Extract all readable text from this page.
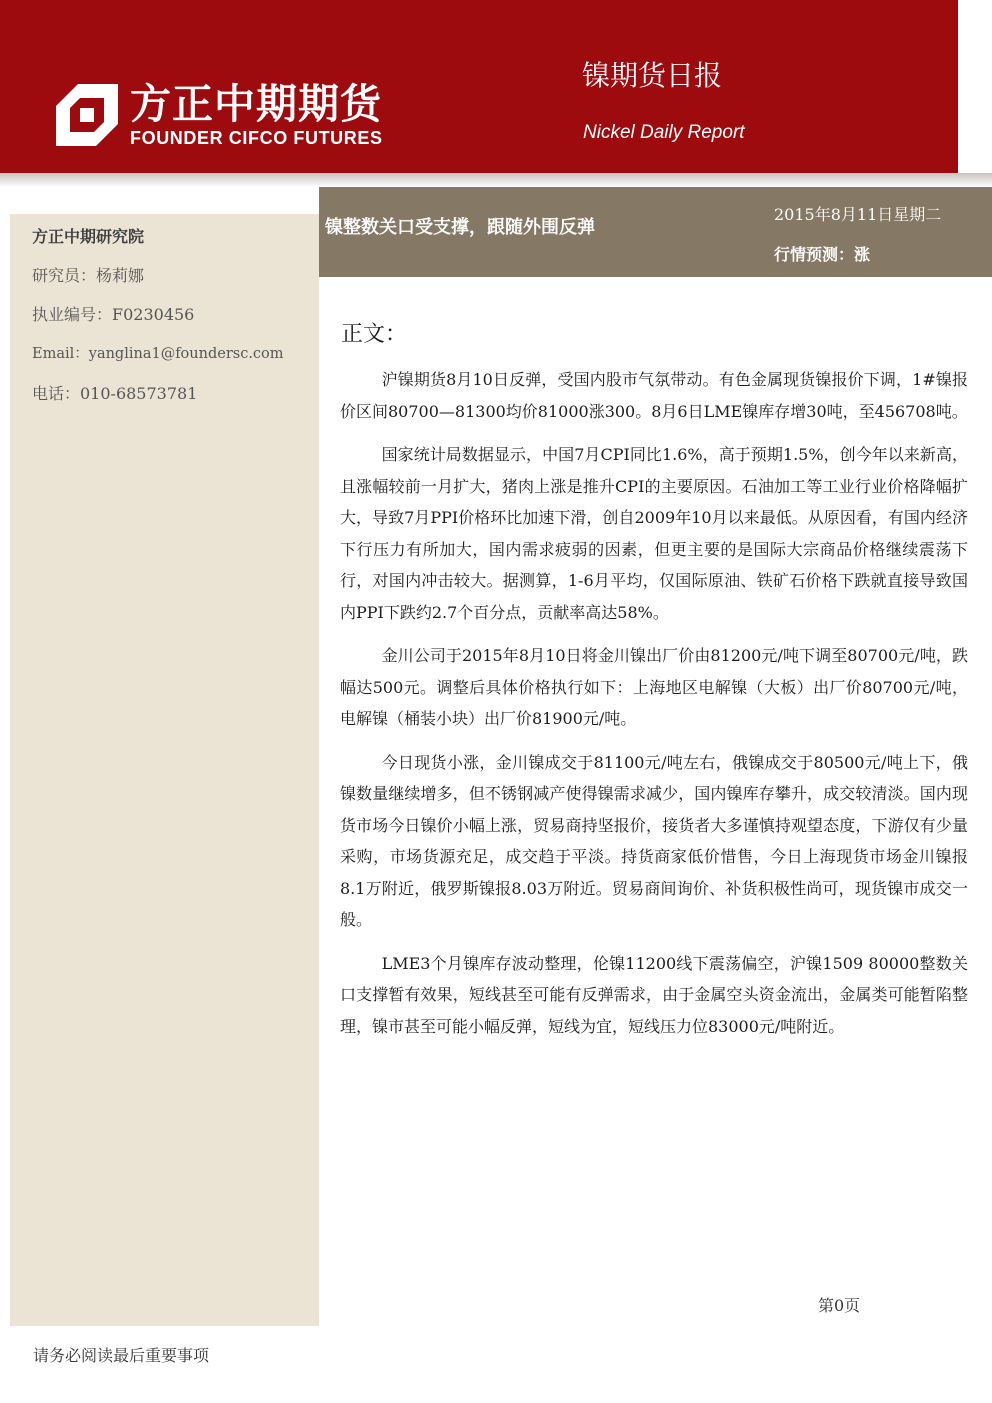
方正中期期货
FOUNDER CIFCO FUTURES
镍期货日报
Nickel Daily Report
方正中期研究院
研究员：杨莉娜
执业编号：F0230456
Email：yanglina1@foundersc.com
电话：010-68573781
镍整数关口受支撑，跟随外围反弹
2015年8月11日星期二
行情预测：涨
正文：

沪镍期货8月10日反弹，受国内股市气氛带动。有色金属现货镍报价下调，1#镍报价区间80700—81300均价81000涨300。8月6日LME镍库存增30吨，至456708吨。

国家统计局数据显示，中国7月CPI同比1.6%，高于预期1.5%，创今年以来新高，且涨幅较前一月扩大，猪肉上涨是推升CPI的主要原因。石油加工等工业行业价格降幅扩大，导致7月PPI价格环比加速下滑，创自2009年10月以来最低。从原因看，有国内经济下行压力有所加大，国内需求疲弱的因素，但更主要的是国际大宗商品价格继续震荡下行，对国内冲击较大。据测算，1-6月平均，仅国际原油、铁矿石价格下跌就直接导致国内PPI下跌约2.7个百分点，贡献率高达58%。

金川公司于2015年8月10日将金川镍出厂价由81200元/吨下调至80700元/吨，跌幅达500元。调整后具体价格执行如下：上海地区电解镍（大板）出厂价80700元/吨，电解镍（桶装小块）出厂价81900元/吨。

今日现货小涨，金川镍成交于81100元/吨左右，俄镍成交于80500元/吨上下，俄镍数量继续增多，但不锈钢减产使得镍需求减少，国内镍库存攀升，成交较清淡。国内现货市场今日镍价小幅上涨，贸易商持坚报价，接货者大多谨慎持观望态度，下游仅有少量采购，市场货源充足，成交趋于平淡。持货商家低价惜售，今日上海现货市场金川镍报8.1万附近，俄罗斯镍报8.03万附近。贸易商间询价、补货积极性尚可，现货镍市成交一般。

LME3个月镍库存波动整理，伦镍11200线下震荡偏空，沪镍1509 80000整数关口支撑暂有效果，短线甚至可能有反弹需求，由于金属空头资金流出，金属类可能暂陷整理，镍市甚至可能小幅反弹，短线为宜，短线压力位83000元/吨附近。

第0页
请务必阅读最后重要事项
